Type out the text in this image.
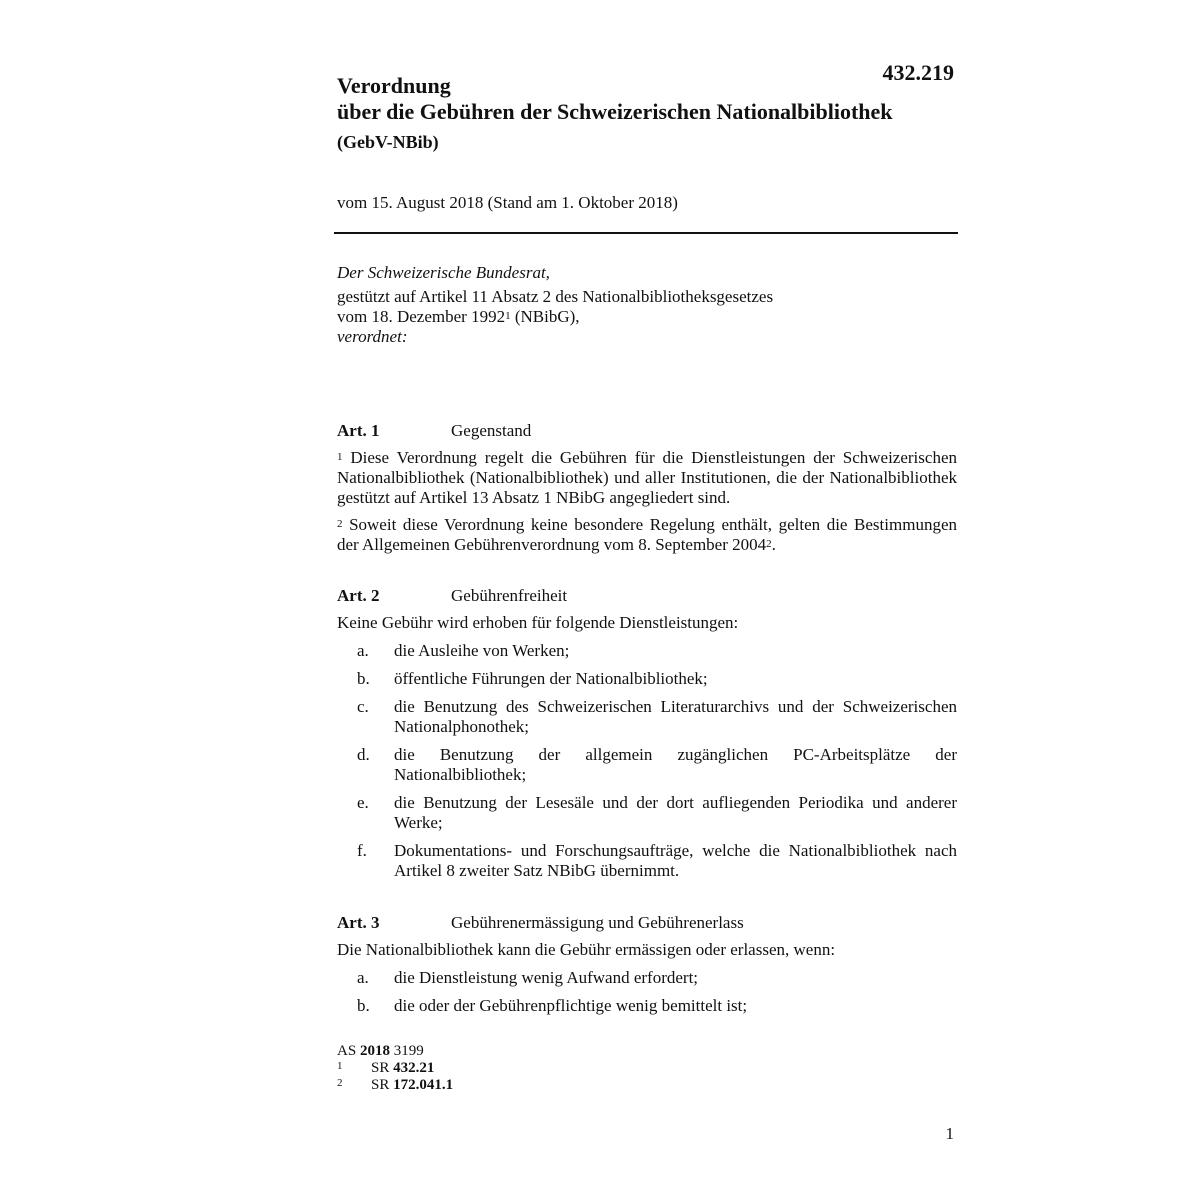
432.219
Verordnung
über die Gebühren der Schweizerischen Nationalbibliothek
(GebV-NBib)
vom 15. August 2018 (Stand am 1. Oktober 2018)
Der Schweizerische Bundesrat,
gestützt auf Artikel 11 Absatz 2 des Nationalbibliotheksgesetzes
vom 18. Dezember 1992$^1$ (NBibG),
verordnet:
Art. 1	Gegenstand
$^1$ Diese Verordnung regelt die Gebühren für die Dienstleistungen der Schweizerischen Nationalbibliothek (Nationalbibliothek) und aller Institutionen, die der Nationalbibliothek gestützt auf Artikel 13 Absatz 1 NBibG angegliedert sind.
$^2$ Soweit diese Verordnung keine besondere Regelung enthält, gelten die Bestimmungen der Allgemeinen Gebührenverordnung vom 8. September 2004$^2$.
Art. 2	Gebührenfreiheit
Keine Gebühr wird erhoben für folgende Dienstleistungen:
a.	die Ausleihe von Werken;
b.	öffentliche Führungen der Nationalbibliothek;
c.	die Benutzung des Schweizerischen Literaturarchivs und der Schweizerischen Nationalphonothek;
d.	die Benutzung der allgemein zugänglichen PC-Arbeitsplätze der Nationalbibliothek;
e.	die Benutzung der Lesesäle und der dort aufliegenden Periodika und anderer Werke;
f.	Dokumentations- und Forschungsaufträge, welche die Nationalbibliothek nach Artikel 8 zweiter Satz NBibG übernimmt.
Art. 3	Gebührenermässigung und Gebührenerlass
Die Nationalbibliothek kann die Gebühr ermässigen oder erlassen, wenn:
a.	die Dienstleistung wenig Aufwand erfordert;
b.	die oder der Gebührenpflichtige wenig bemittelt ist;
AS 2018 3199
1	SR
432.21
2	SR
172.041.1
1
